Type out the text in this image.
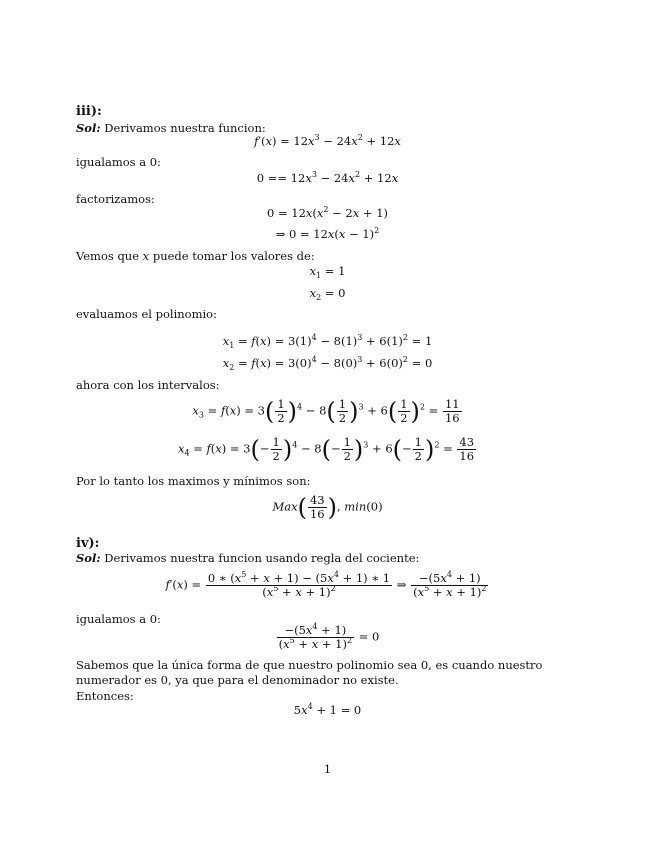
iii):
Sol: Derivamos nuestra funcion:
$f'(x) = 12x^3 - 24x^2 + 12x$
igualamos a 0:
$0 == 12x^3 - 24x^2 + 12x$
factorizamos:
$0 = 12x(x^2 - 2x + 1)$
⇒ $0 = 12x(x - 1)^2$
Vemos que x puede tomar los valores de:
$x_1 = 1$
$x_2 = 0$
evaluamos el polinomio:
$x_1 = f(x) = 3(1)^4 - 8(1)^3 + 6(1)^2 = 1$
$x_2 = f(x) = 3(0)^4 - 8(0)^3 + 6(0)^2 = 0$
ahora con los intervalos:
$x_3 = f(x) = 3( \frac{1}{2} )^4 - 8( \frac{1}{2} )^3 + 6( \frac{1}{2} )^2 = \frac{11}{16}$
$x_4 = f(x) = 3(- \frac{1}{2} )^4 - 8(- \frac{1}{2} )^3 + 6(- \frac{1}{2} )^2 = \frac{43}{16}$
Por lo tanto los maximos y mínimos son:
$Max( \frac{43}{16}$ ), min(0)
iv):
Sol: Derivamos nuestra funcion usando regla del cociente:
$f'(x) = \frac{0 ∗ (x^5 + x + 1) - (5x^4 + 1) ∗ 1}{(x^5 + x + 1)^2}$ ⇒ $\frac{-(5x^4 + 1)}{(x^5 + x + 1)^2}$
igualamos a 0:
$\frac{-(5x^4 + 1)}{(x^5 + x + 1)^2} = 0$
Sabemos que la única forma de que nuestro polinomio sea 0, es cuando nuestro numerador es 0, ya que para el denominador no existe.
Entonces:
$5x^4 + 1 = 0$
1
